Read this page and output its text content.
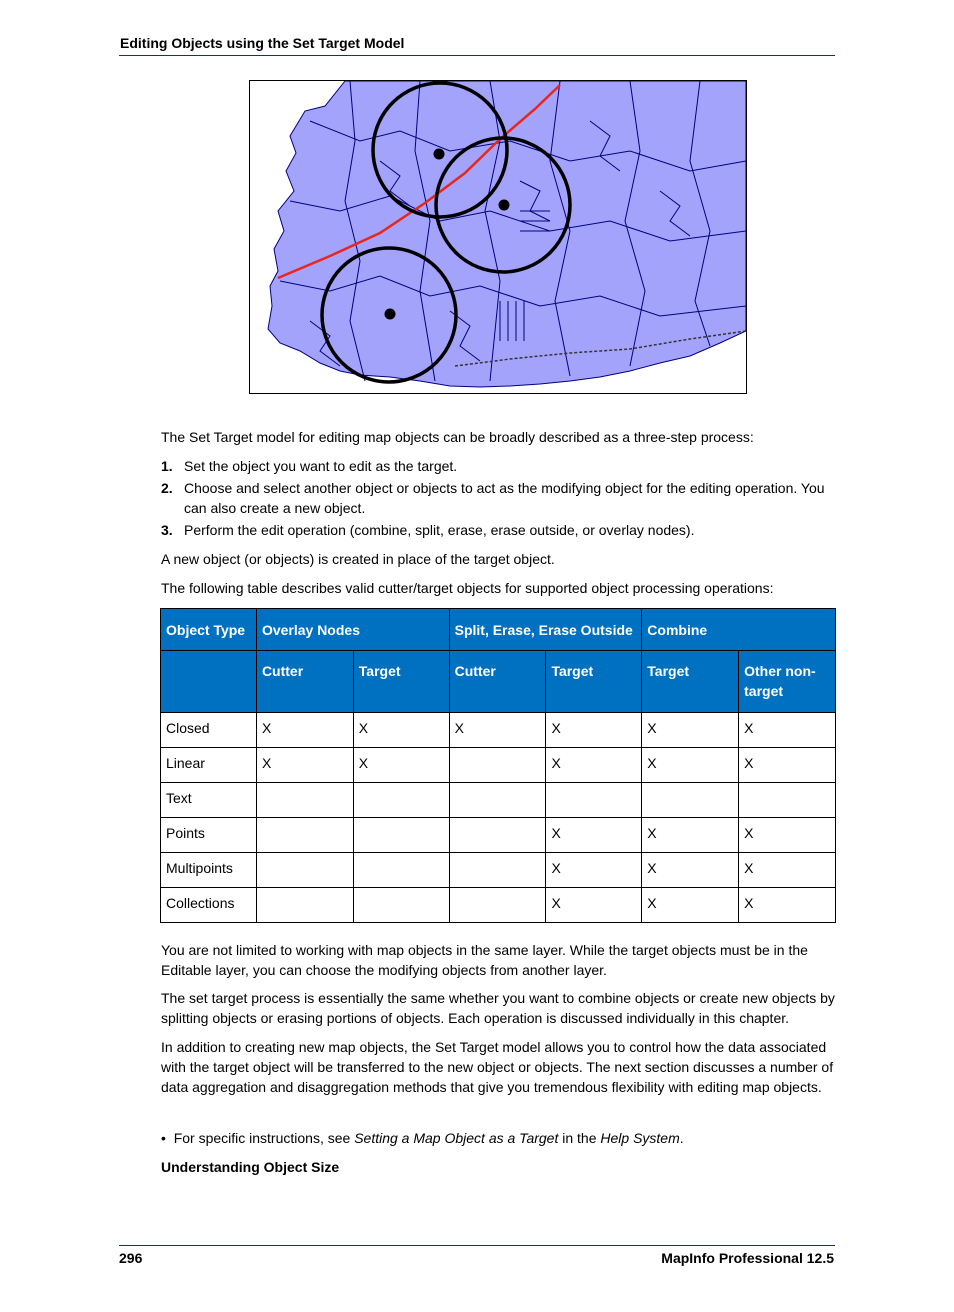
Editing Objects using the Set Target Model
The Set Target model for editing map objects can be broadly described as a three-step process:
1. Set the object you want to edit as the target.
2. Choose and select another object or objects to act as the modifying object for the editing operation. You can also create a new object.
3. Perform the edit operation (combine, split, erase, erase outside, or overlay nodes).
A new object (or objects) is created in place of the target object.
The following table describes valid cutter/target objects for supported object processing operations:
Object Type	Overlay Nodes		Split, Erase, Erase Outside		Combine	
	Cutter	Target	Cutter	Target	Target	Other non-target
Closed	X	X	X	X	X	X
Linear	X	X		X	X	X
Text						
Points				X	X	X
Multipoints				X	X	X
Collections				X	X	X
You are not limited to working with map objects in the same layer. While the target objects must be in the Editable layer, you can choose the modifying objects from another layer.
The set target process is essentially the same whether you want to combine objects or create new objects by splitting objects or erasing portions of objects. Each operation is discussed individually in this chapter.
In addition to creating new map objects, the Set Target model allows you to control how the data associated with the target object will be transferred to the new object or objects. The next section discusses a number of data aggregation and disaggregation methods that give you tremendous flexibility with editing map objects.
• For specific instructions, see Setting a Map Object as a Target in the Help System.
Understanding Object Size
296	MapInfo Professional 12.5
